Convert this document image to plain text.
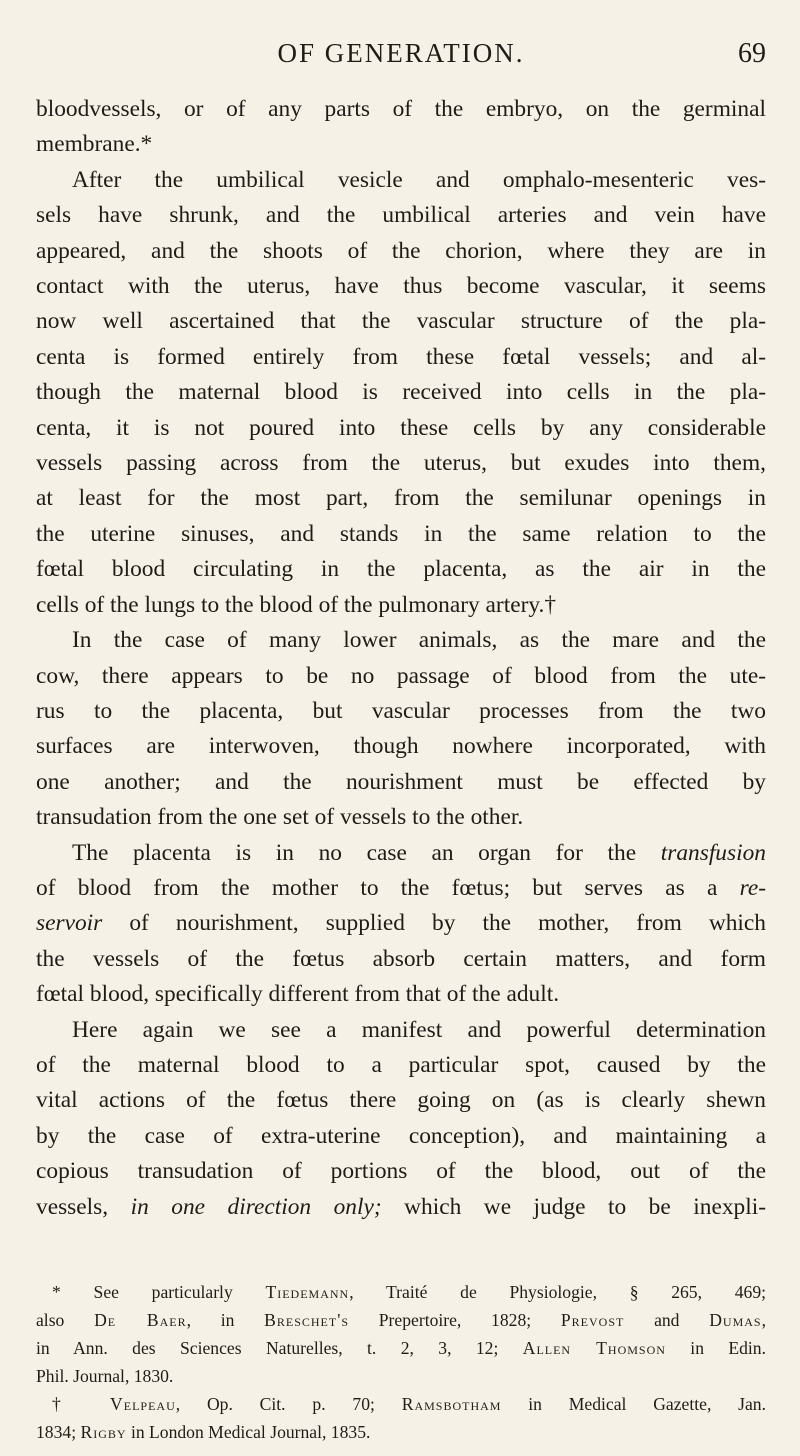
OF GENERATION.	69

bloodvessels, or of any parts of the embryo, on the germinal
membrane.*

After the umbilical vesicle and omphalo-mesenteric ves-
sels have shrunk, and the umbilical arteries and vein have
appeared, and the shoots of the chorion, where they are in
contact with the uterus, have thus become vascular, it seems
now well ascertained that the vascular structure of the pla-
centa is formed entirely from these fœtal vessels; and al-
though the maternal blood is received into cells in the pla-
centa, it is not poured into these cells by any considerable
vessels passing across from the uterus, but exudes into them,
at least for the most part, from the semilunar openings in
the uterine sinuses, and stands in the same relation to the
fœtal blood circulating in the placenta, as the air in the
cells of the lungs to the blood of the pulmonary artery.†

In the case of many lower animals, as the mare and the
cow, there appears to be no passage of blood from the ute-
rus to the placenta, but vascular processes from the two
surfaces are interwoven, though nowhere incorporated, with
one another; and the nourishment must be effected by
transudation from the one set of vessels to the other.

The placenta is in no case an organ for the transfusion
of blood from the mother to the fœtus; but serves as a re-
servoir of nourishment, supplied by the mother, from which
the vessels of the fœtus absorb certain matters, and form
fœtal blood, specifically different from that of the adult.

Here again we see a manifest and powerful determination
of the maternal blood to a particular spot, caused by the
vital actions of the fœtus there going on (as is clearly shewn
by the case of extra-uterine conception), and maintaining a
copious transudation of portions of the blood, out of the
vessels, in one direction only; which we judge to be inexpli-

* See particularly Tiedemann, Traité de Physiologie, § 265, 469;
also De Baer, in Breschet's Prepertoire, 1828; Prevost and Dumas,
in Ann. des Sciences Naturelles, t. 2, 3, 12; Allen Thomson in Edin.
Phil. Journal, 1830.

† Velpeau, Op. Cit. p. 70; Ramsbotham in Medical Gazette, Jan.
1834; Rigby in London Medical Journal, 1835.
